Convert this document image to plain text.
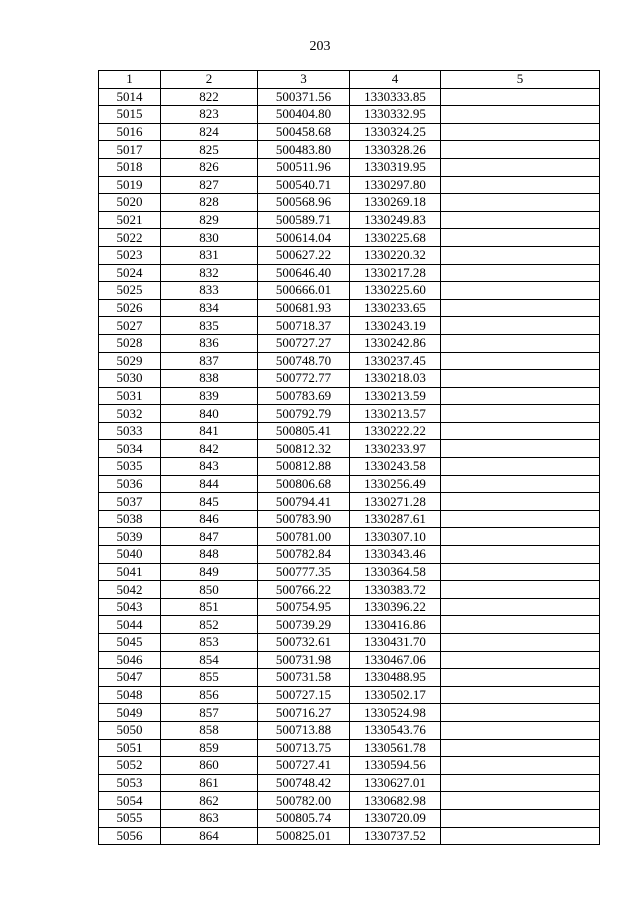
203
1	2	3	4	5
5014	822	500371.56	1330333.85	
5015	823	500404.80	1330332.95	
5016	824	500458.68	1330324.25	
5017	825	500483.80	1330328.26	
5018	826	500511.96	1330319.95	
5019	827	500540.71	1330297.80	
5020	828	500568.96	1330269.18	
5021	829	500589.71	1330249.83	
5022	830	500614.04	1330225.68	
5023	831	500627.22	1330220.32	
5024	832	500646.40	1330217.28	
5025	833	500666.01	1330225.60	
5026	834	500681.93	1330233.65	
5027	835	500718.37	1330243.19	
5028	836	500727.27	1330242.86	
5029	837	500748.70	1330237.45	
5030	838	500772.77	1330218.03	
5031	839	500783.69	1330213.59	
5032	840	500792.79	1330213.57	
5033	841	500805.41	1330222.22	
5034	842	500812.32	1330233.97	
5035	843	500812.88	1330243.58	
5036	844	500806.68	1330256.49	
5037	845	500794.41	1330271.28	
5038	846	500783.90	1330287.61	
5039	847	500781.00	1330307.10	
5040	848	500782.84	1330343.46	
5041	849	500777.35	1330364.58	
5042	850	500766.22	1330383.72	
5043	851	500754.95	1330396.22	
5044	852	500739.29	1330416.86	
5045	853	500732.61	1330431.70	
5046	854	500731.98	1330467.06	
5047	855	500731.58	1330488.95	
5048	856	500727.15	1330502.17	
5049	857	500716.27	1330524.98	
5050	858	500713.88	1330543.76	
5051	859	500713.75	1330561.78	
5052	860	500727.41	1330594.56	
5053	861	500748.42	1330627.01	
5054	862	500782.00	1330682.98	
5055	863	500805.74	1330720.09	
5056	864	500825.01	1330737.52	
